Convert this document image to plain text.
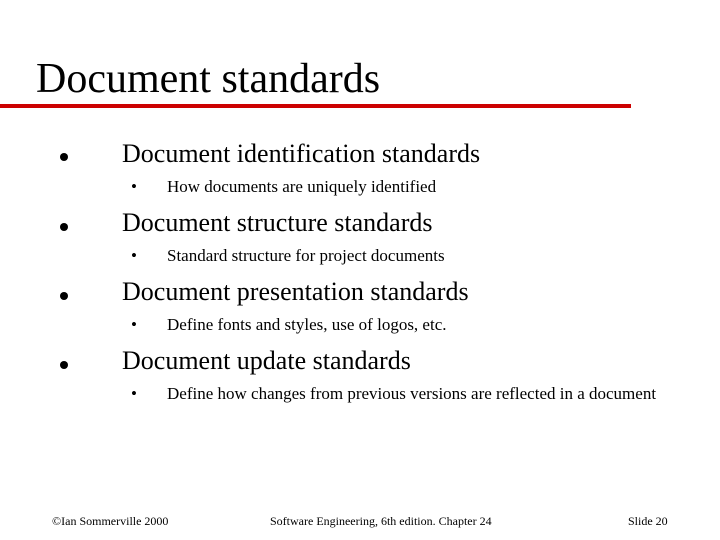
Document standards
Document identification standards
• How documents are uniquely identified
Document structure standards
• Standard structure for project documents
Document presentation standards
• Define fonts and styles, use of logos, etc.
Document update standards
• Define how changes from previous versions are reflected in a document
©Ian Sommerville 2000	Software Engineering, 6th edition. Chapter 24	Slide 20
